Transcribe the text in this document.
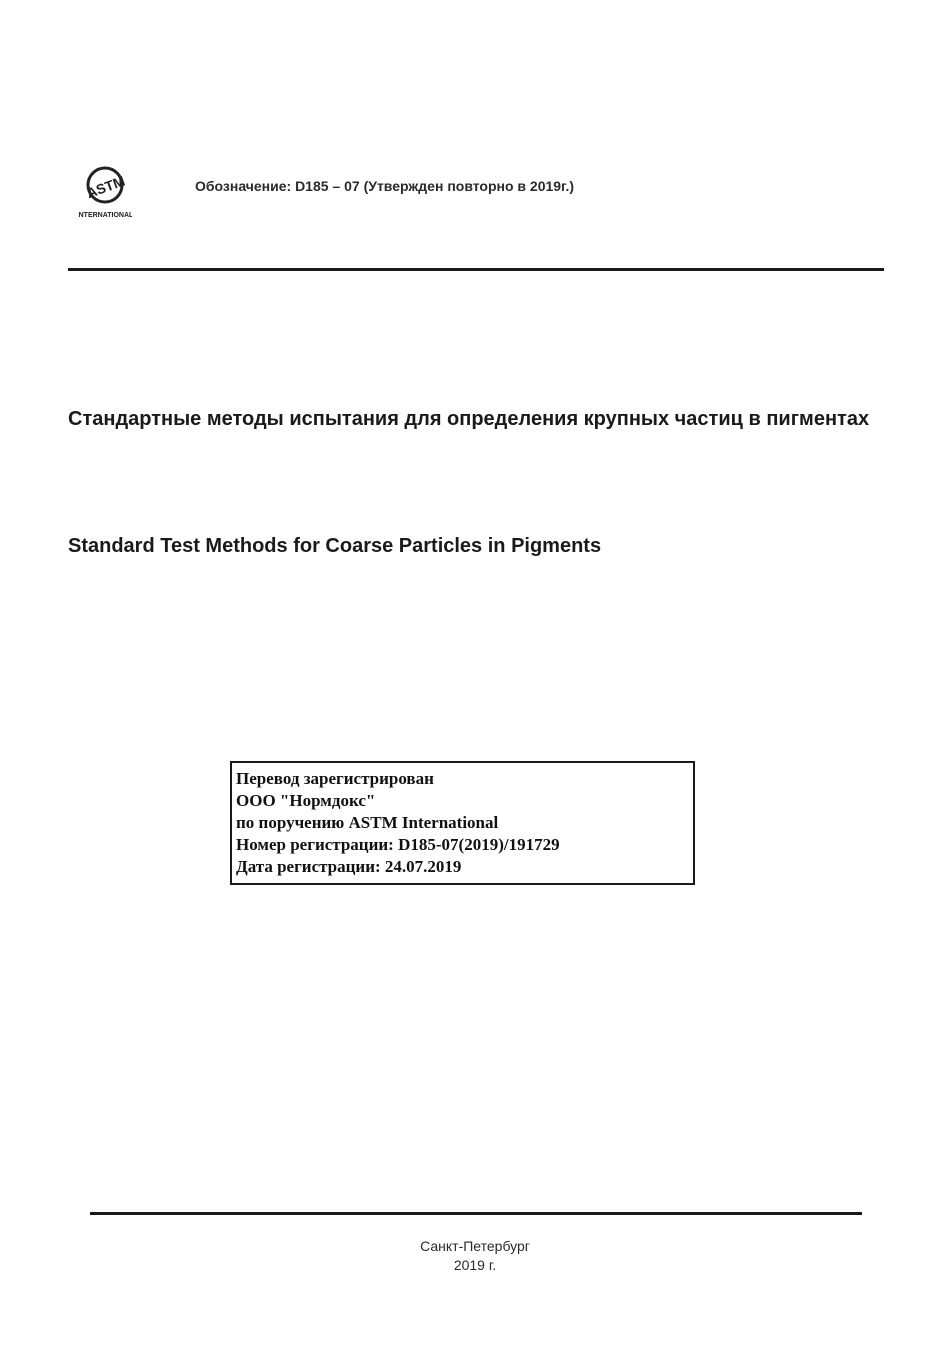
ASTM
INTERNATIONAL
Обозначение: D185 – 07 (Утвержден повторно в 2019г.)
Стандартные методы испытания для определения крупных частиц в пигментах
Standard Test Methods for Coarse Particles in Pigments
Перевод зарегистрирован
ООО "Нормдокс"
по поручению ASTM International
Номер регистрации: D185-07(2019)/191729
Дата регистрации: 24.07.2019
Санкт-Петербург
2019 г.
